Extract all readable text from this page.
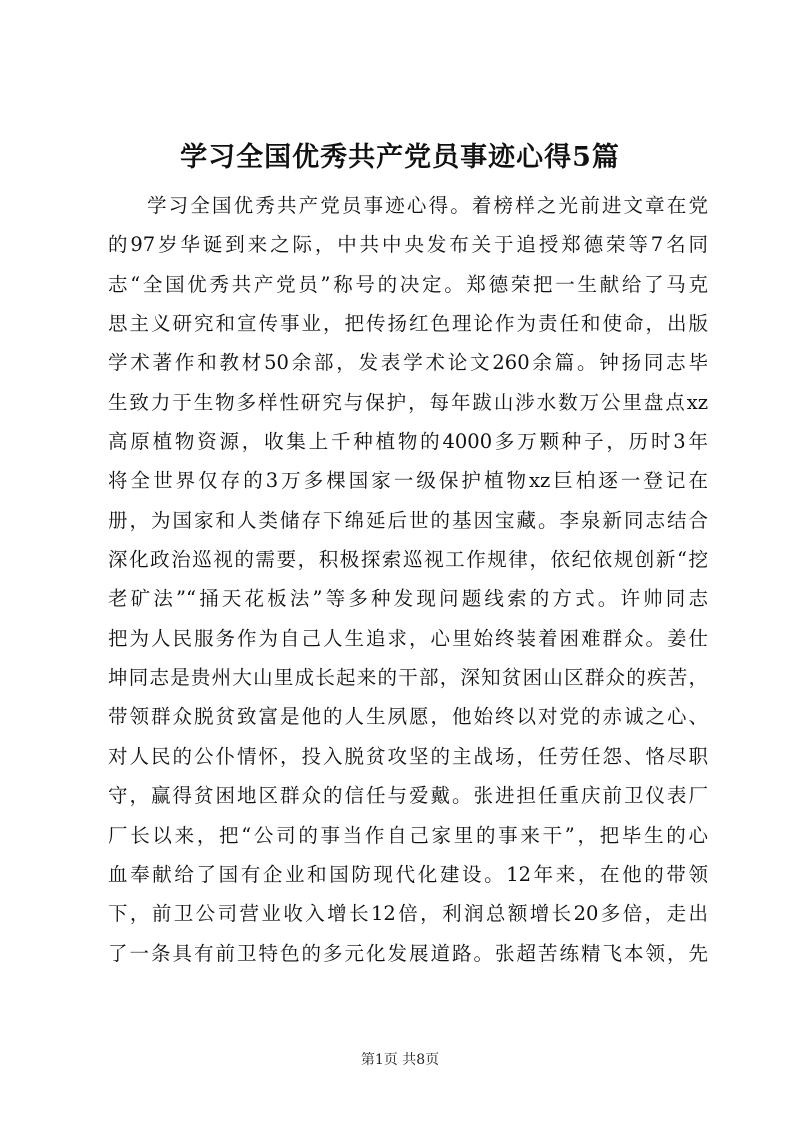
学习全国优秀共产党员事迹心得5篇
学习全国优秀共产党员事迹心得。着榜样之光前进文章在党
的97岁华诞到来之际，中共中央发布关于追授郑德荣等7名同
志“全国优秀共产党员”称号的决定。郑德荣把一生献给了马克
思主义研究和宣传事业，把传扬红色理论作为责任和使命，出版
学术著作和教材50余部，发表学术论文260余篇。钟扬同志毕
生致力于生物多样性研究与保护，每年跋山涉水数万公里盘点xz
高原植物资源，收集上千种植物的4000多万颗种子，历时3年
将全世界仅存的3万多棵国家一级保护植物xz巨柏逐一登记在
册，为国家和人类储存下绵延后世的基因宝藏。李泉新同志结合
深化政治巡视的需要，积极探索巡视工作规律，依纪依规创新“挖
老矿法”“捅天花板法”等多种发现问题线索的方式。许帅同志
把为人民服务作为自己人生追求，心里始终装着困难群众。姜仕
坤同志是贵州大山里成长起来的干部，深知贫困山区群众的疾苦，
带领群众脱贫致富是他的人生夙愿，他始终以对党的赤诚之心、
对人民的公仆情怀，投入脱贫攻坚的主战场，任劳任怨、恪尽职
守，赢得贫困地区群众的信任与爱戴。张进担任重庆前卫仪表厂
厂长以来，把“公司的事当作自己家里的事来干”，把毕生的心
血奉献给了国有企业和国防现代化建设。12年来，在他的带领
下，前卫公司营业收入增长12倍，利润总额增长20多倍，走出
了一条具有前卫特色的多元化发展道路。张超苦练精飞本领，先
第1页 共8页
